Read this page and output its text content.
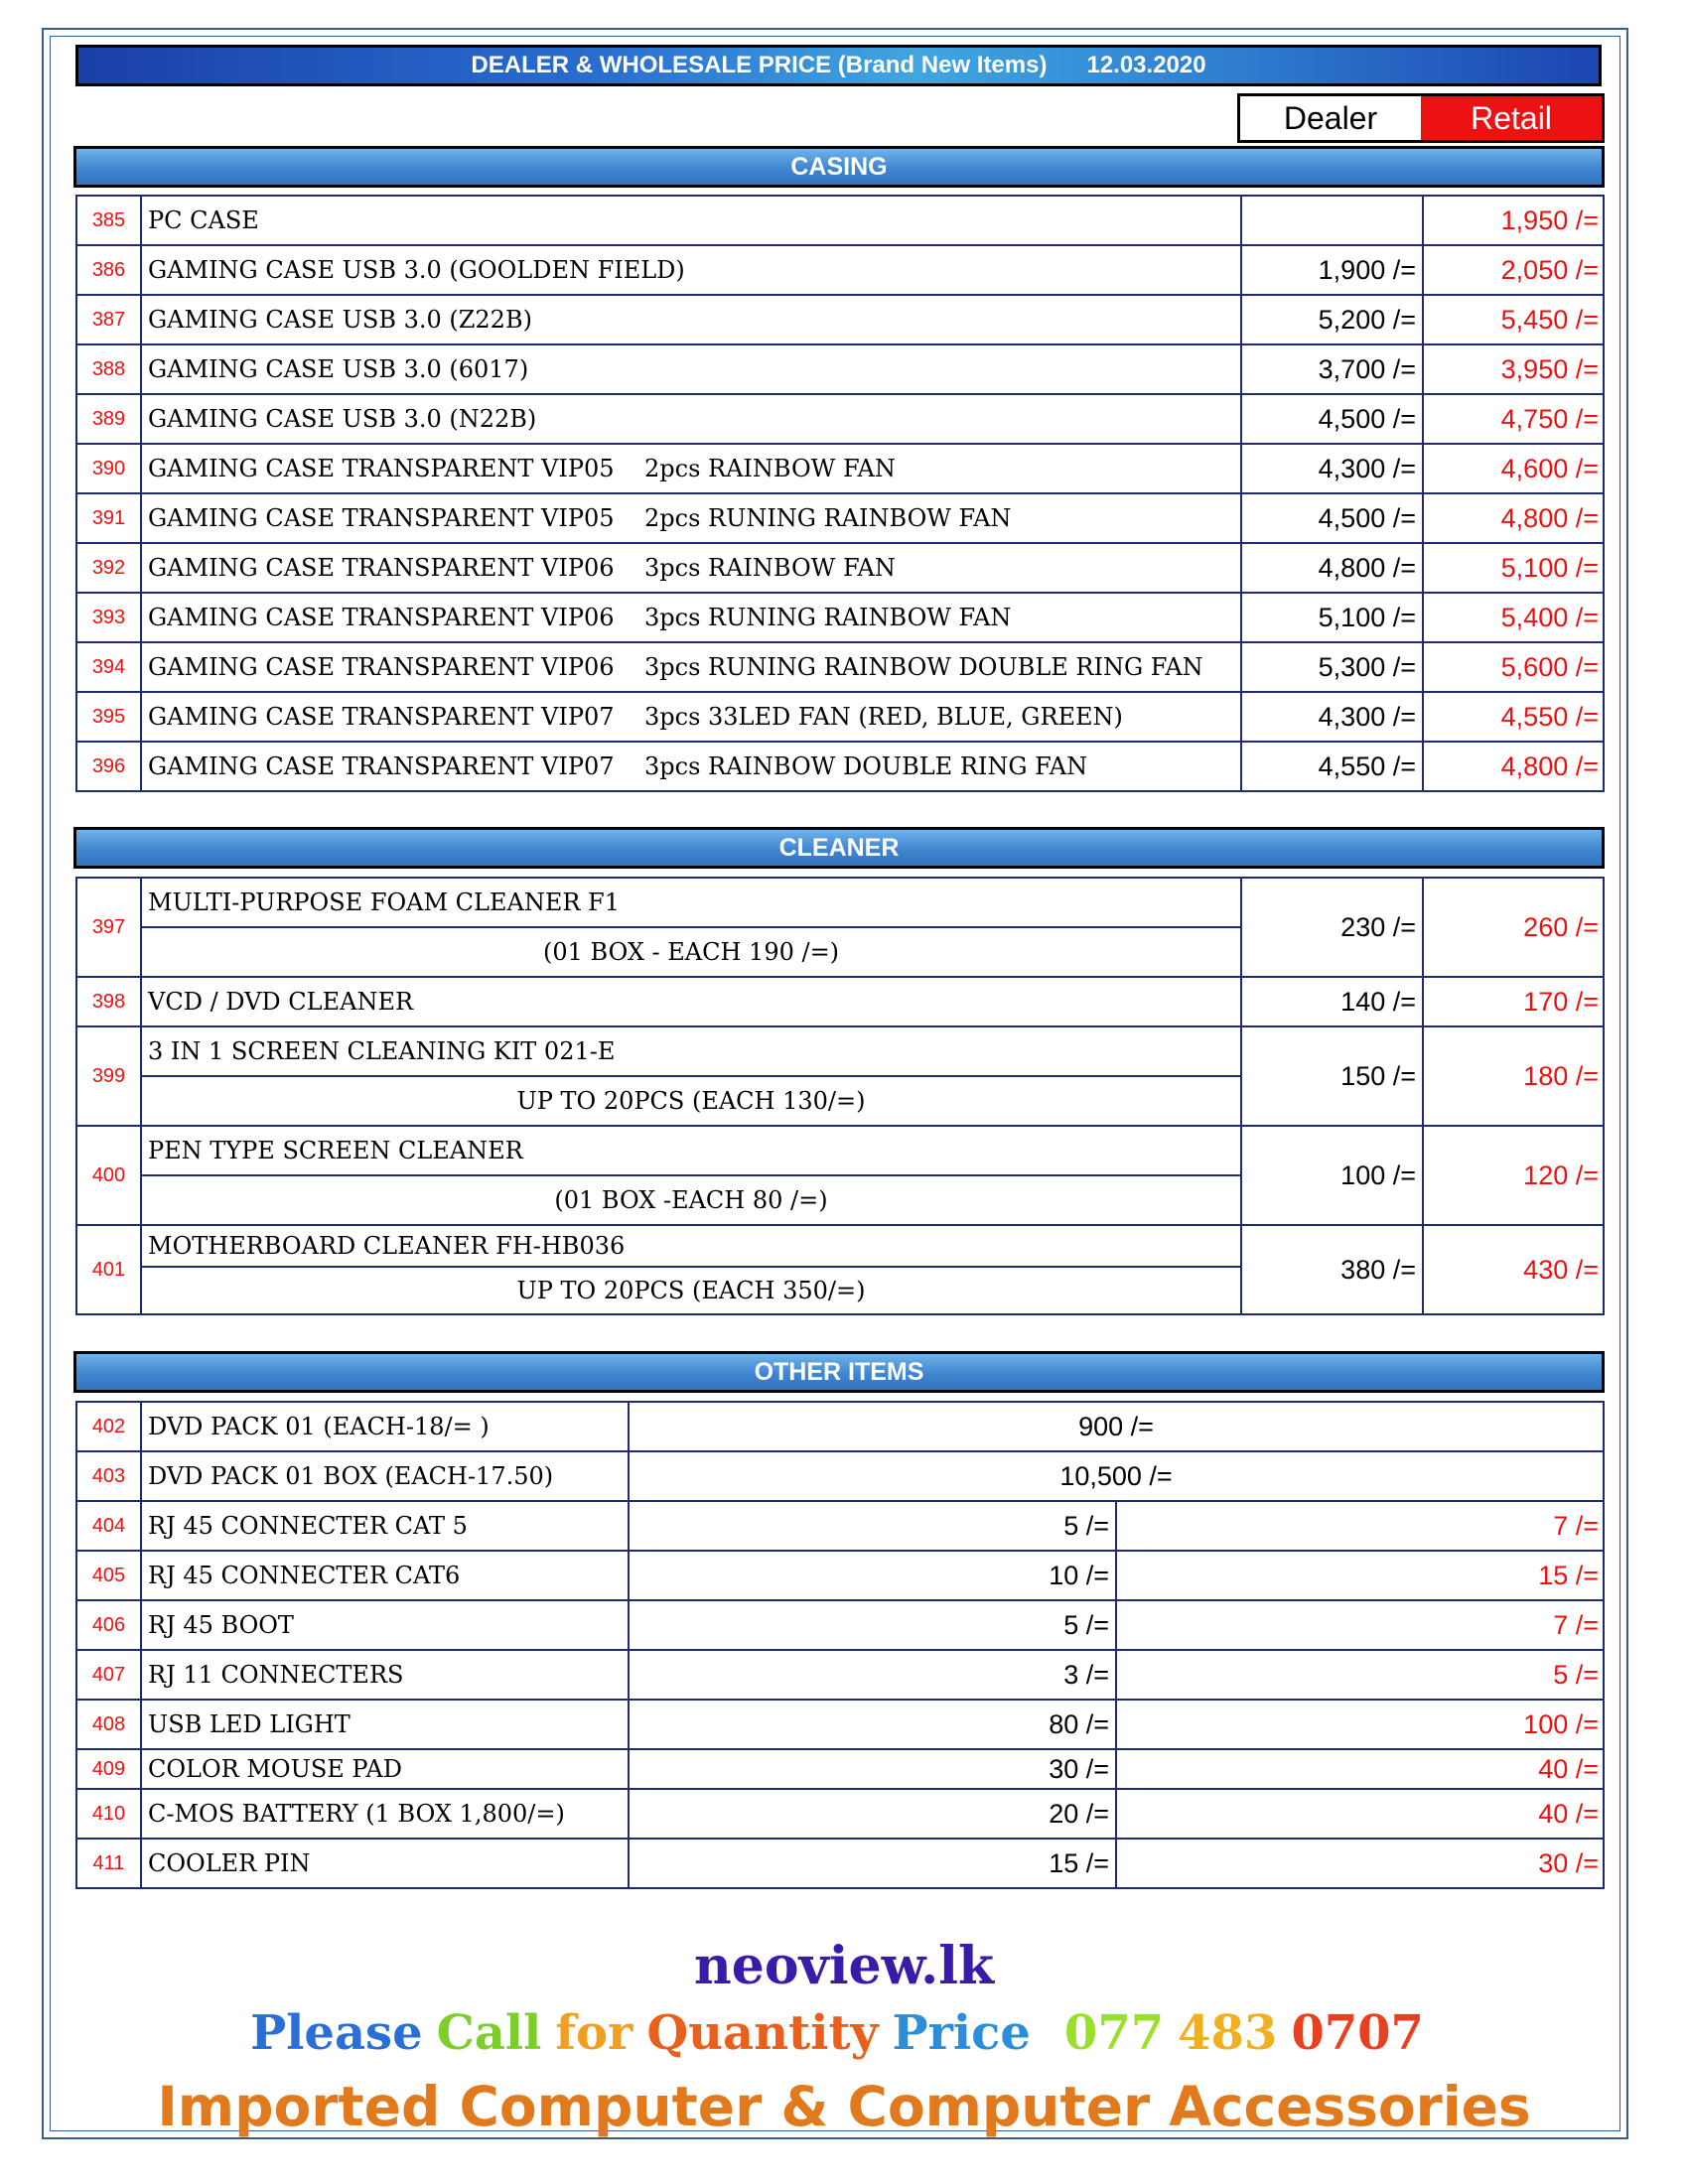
DEALER & WHOLESALE PRICE (Brand New Items) 12.03.2020
Dealer	Retail
CASING
385	PC CASE		1,950 /=
386	GAMING CASE USB 3.0 (GOOLDEN FIELD)	1,900 /=	2,050 /=
387	GAMING CASE USB 3.0 (Z22B)	5,200 /=	5,450 /=
388	GAMING CASE USB 3.0 (6017)	3,700 /=	3,950 /=
389	GAMING CASE USB 3.0 (N22B)	4,500 /=	4,750 /=
390	GAMING CASE TRANSPARENT VIP05 2pcs RAINBOW FAN	4,300 /=	4,600 /=
391	GAMING CASE TRANSPARENT VIP05 2pcs RUNING RAINBOW FAN	4,500 /=	4,800 /=
392	GAMING CASE TRANSPARENT VIP06 3pcs RAINBOW FAN	4,800 /=	5,100 /=
393	GAMING CASE TRANSPARENT VIP06 3pcs RUNING RAINBOW FAN	5,100 /=	5,400 /=
394	GAMING CASE TRANSPARENT VIP06 3pcs RUNING RAINBOW DOUBLE RING FAN	5,300 /=	5,600 /=
395	GAMING CASE TRANSPARENT VIP07 3pcs 33LED FAN (RED, BLUE, GREEN)	4,300 /=	4,550 /=
396	GAMING CASE TRANSPARENT VIP07 3pcs RAINBOW DOUBLE RING FAN	4,550 /=	4,800 /=
CLEANER
397	MULTI-PURPOSE FOAM CLEANER F1	230 /=	260 /=
	(01 BOX - EACH 190 /=)		
398	VCD / DVD CLEANER	140 /=	170 /=
399	3 IN 1 SCREEN CLEANING KIT 021-E	150 /=	180 /=
	UP TO 20PCS (EACH 130/=)		
400	PEN TYPE SCREEN CLEANER	100 /=	120 /=
	(01 BOX -EACH 80 /=)		
401	MOTHERBOARD CLEANER FH-HB036	380 /=	430 /=
	UP TO 20PCS (EACH 350/=)		
OTHER ITEMS
402	DVD PACK 01 (EACH-18/= )	900 /=	
403	DVD PACK 01 BOX (EACH-17.50)	10,500 /=	
404	RJ 45 CONNECTER CAT 5	5 /=	7 /=
405	RJ 45 CONNECTER CAT6	10 /=	15 /=
406	RJ 45 BOOT	5 /=	7 /=
407	RJ 11 CONNECTERS	3 /=	5 /=
408	USB LED LIGHT	80 /=	100 /=
409	COLOR MOUSE PAD	30 /=	40 /=
410	C-MOS BATTERY (1 BOX 1,800/=)	20 /=	40 /=
411	COOLER PIN	15 /=	30 /=
neoview.lk
Please Call for Quantity Price 077 483 0707
Imported Computer & Computer Accessories
